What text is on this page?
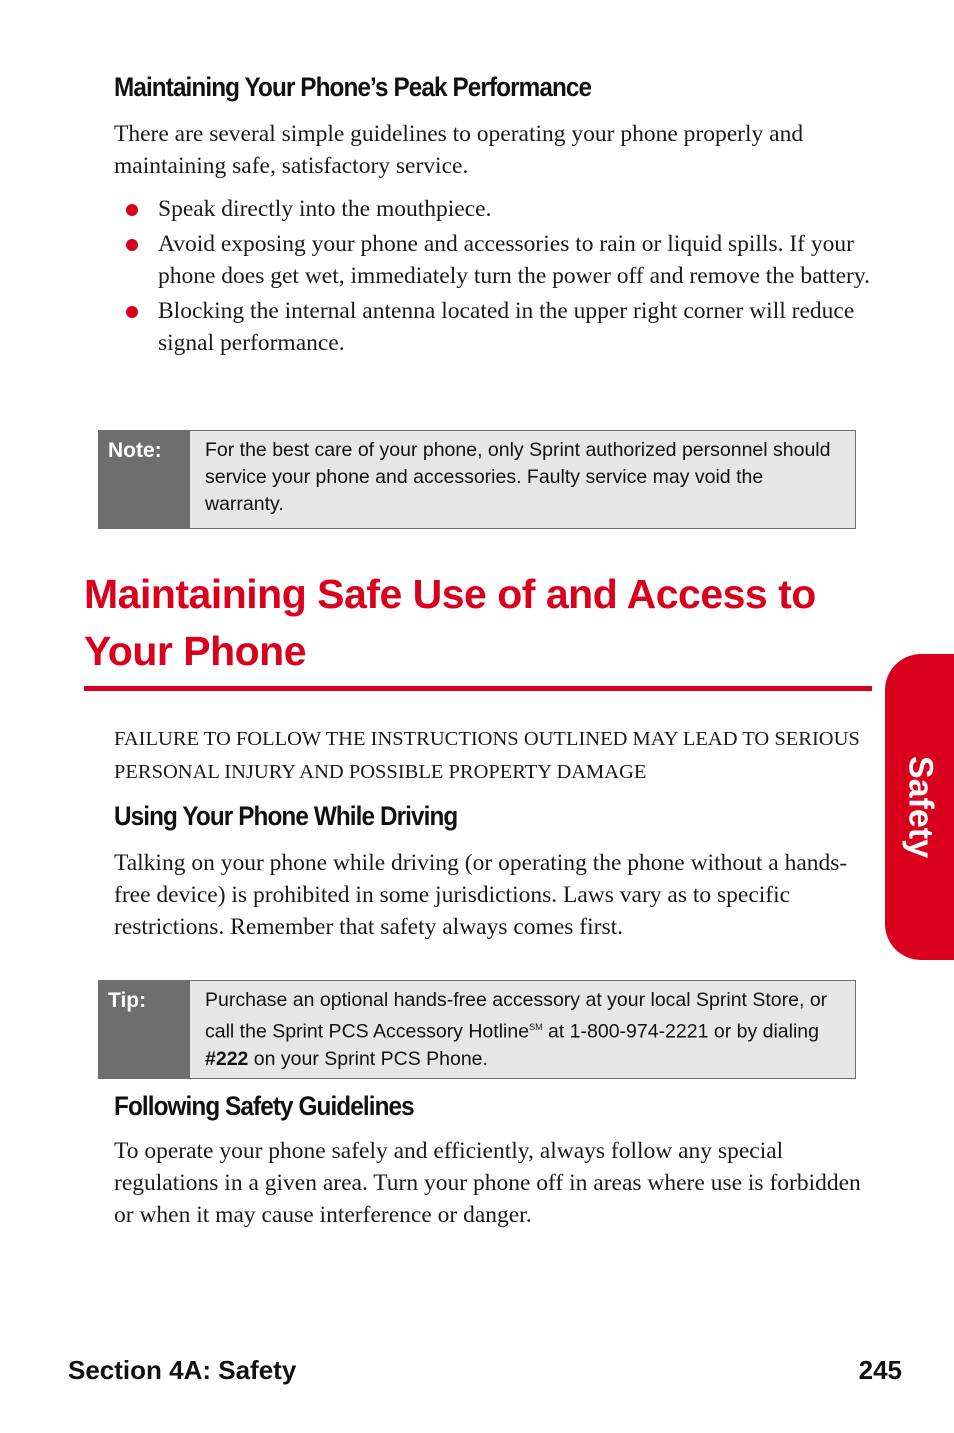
Maintaining Your Phone’s Peak Performance
There are several simple guidelines to operating your phone properly and maintaining safe, satisfactory service.
Speak directly into the mouthpiece.
Avoid exposing your phone and accessories to rain or liquid spills. If your phone does get wet, immediately turn the power off and remove the battery.
Blocking the internal antenna located in the upper right corner will reduce signal performance.
Note:	For the best care of your phone, only Sprint authorized personnel should service your phone and accessories. Faulty service may void the warranty.
Maintaining Safe Use of and Access to Your Phone
FAILURE TO FOLLOW THE INSTRUCTIONS OUTLINED MAY LEAD TO SERIOUS PERSONAL INJURY AND POSSIBLE PROPERTY DAMAGE
Using Your Phone While Driving
Talking on your phone while driving (or operating the phone without a hands-free device) is prohibited in some jurisdictions. Laws vary as to specific restrictions. Remember that safety always comes first.
Tip:	Purchase an optional hands-free accessory at your local Sprint Store, or call the Sprint PCS Accessory Hotline℠ at 1-800-974-2221 or by dialing #222 on your Sprint PCS Phone.
Following Safety Guidelines
To operate your phone safely and efficiently, always follow any special regulations in a given area. Turn your phone off in areas where use is forbidden or when it may cause interference or danger.
Safety
Section 4A: Safety	245
